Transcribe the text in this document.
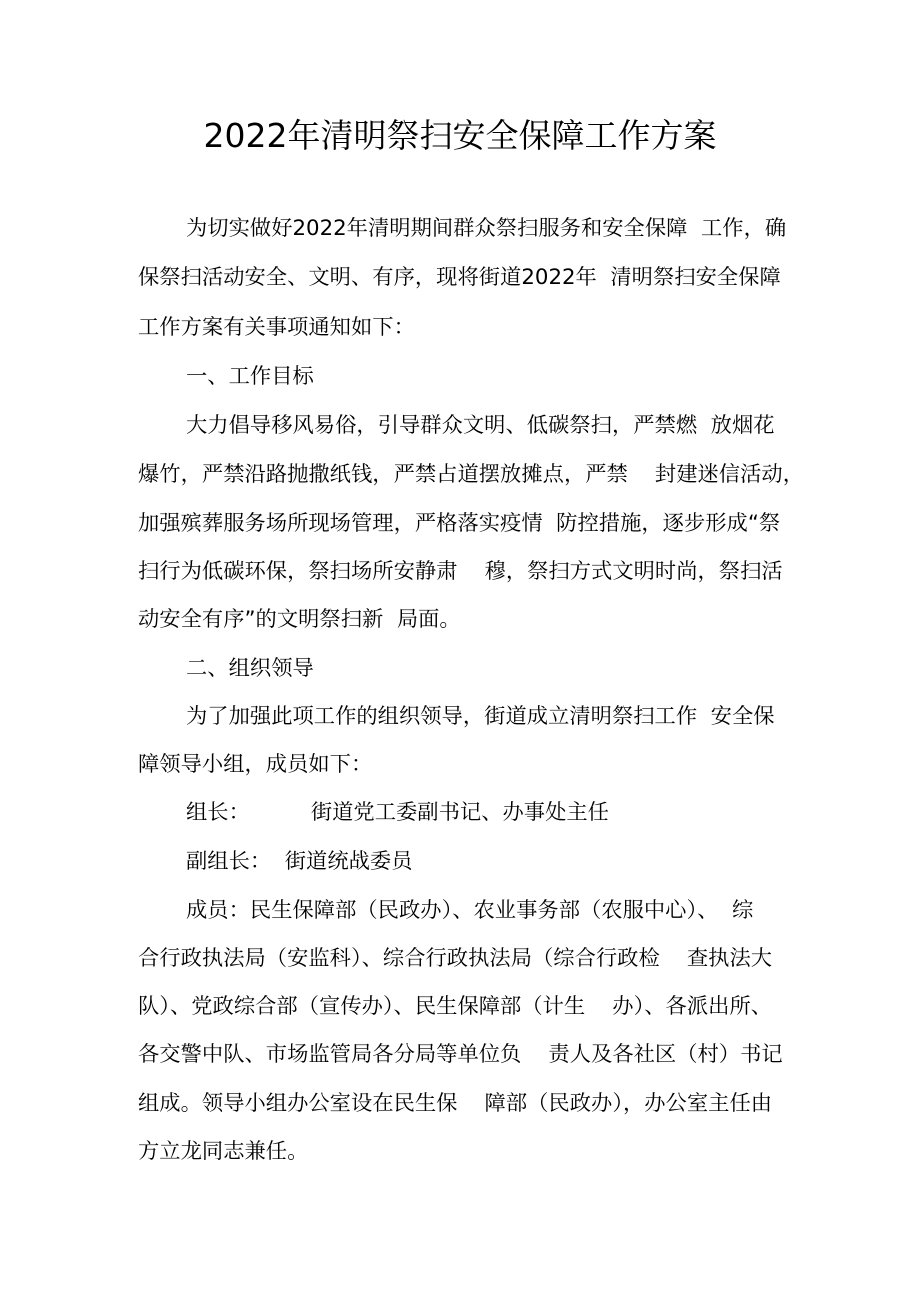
2022年清明祭扫安全保障工作方案
为切实做好2022年清明期间群众祭扫服务和安全保障  工作，确
保祭扫活动安全、文明、有序，现将街道2022年  清明祭扫安全保障
工作方案有关事项通知如下：
一、工作目标
大力倡导移风易俗，引导群众文明、低碳祭扫，严禁燃  放烟花
爆竹，严禁沿路抛撒纸钱，严禁占道摆放摊点，严禁    封建迷信活动，
加强殡葬服务场所现场管理，严格落实疫情  防控措施，逐步形成“祭
扫行为低碳环保，祭扫场所安静肃    穆，祭扫方式文明时尚，祭扫活
动安全有序”的文明祭扫新  局面。
二、组织领导
为了加强此项工作的组织领导，街道成立清明祭扫工作  安全保
障领导小组，成员如下：
组长：         街道党工委副书记、办事处主任
副组长：  街道统战委员
成员：民生保障部（民政办）、农业事务部（农服中心）、  综
合行政执法局（安监科）、综合行政执法局（综合行政检    查执法大
队）、党政综合部（宣传办）、民生保障部（计生    办）、各派出所、
各交警中队、市场监管局各分局等单位负    责人及各社区（村）书记
组成。领导小组办公室设在民生保    障部（民政办），办公室主任由
方立龙同志兼任。
